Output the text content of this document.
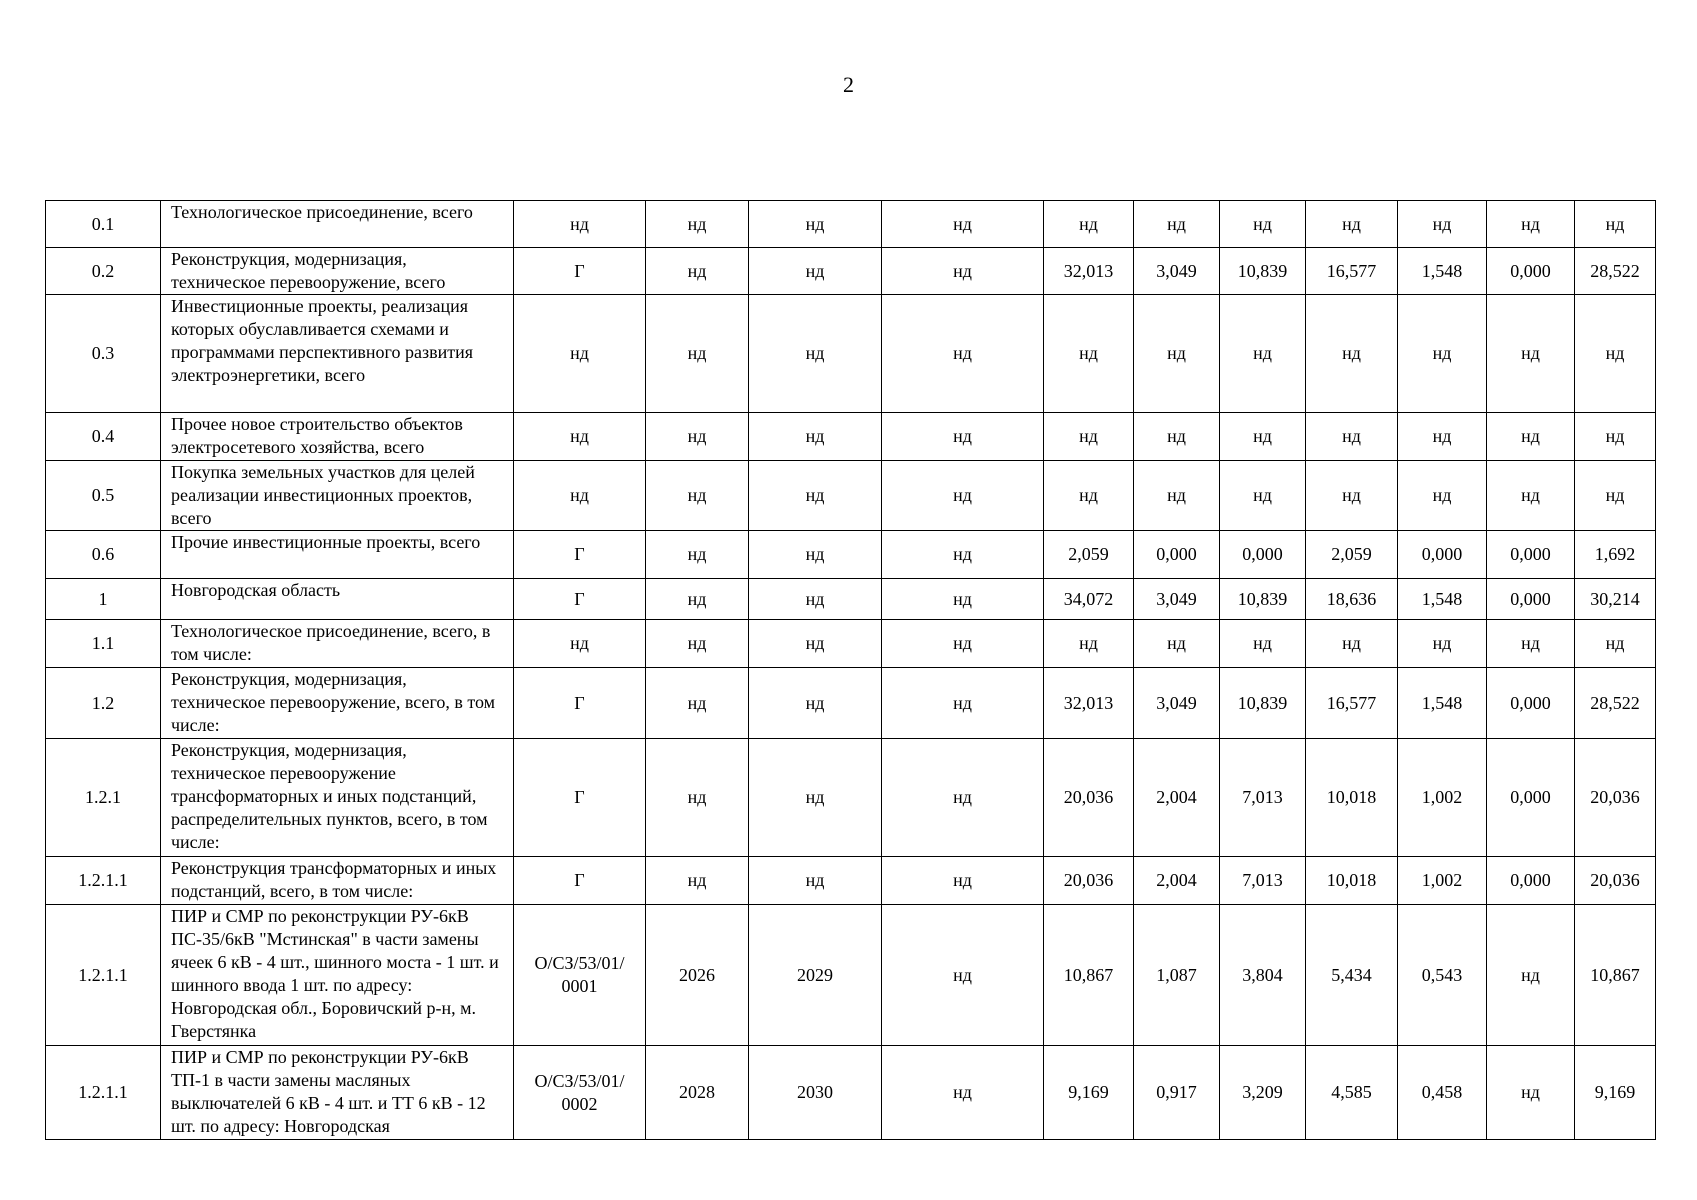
2
0.1	Технологическое присоединение, всего	нд	нд	нд	нд	нд	нд	нд	нд	нд	нд	нд
0.2	Реконструкция, модернизация, техническое перевооружение, всего	Г	нд	нд	нд	32,013	3,049	10,839	16,577	1,548	0,000	28,522
0.3	Инвестиционные проекты, реализация которых обуславливается схемами и программами перспективного развития электроэнергетики, всего	нд	нд	нд	нд	нд	нд	нд	нд	нд	нд	нд
0.4	Прочее новое строительство объектов электросетевого хозяйства, всего	нд	нд	нд	нд	нд	нд	нд	нд	нд	нд	нд
0.5	Покупка земельных участков для целей реализации инвестиционных проектов, всего	нд	нд	нд	нд	нд	нд	нд	нд	нд	нд	нд
0.6	Прочие инвестиционные проекты, всего	Г	нд	нд	нд	2,059	0,000	0,000	2,059	0,000	0,000	1,692
1	Новгородская область	Г	нд	нд	нд	34,072	3,049	10,839	18,636	1,548	0,000	30,214
1.1	Технологическое присоединение, всего, в том числе:	нд	нд	нд	нд	нд	нд	нд	нд	нд	нд	нд
1.2	Реконструкция, модернизация, техническое перевооружение, всего, в том числе:	Г	нд	нд	нд	32,013	3,049	10,839	16,577	1,548	0,000	28,522
1.2.1	Реконструкция, модернизация, техническое перевооружение трансформаторных и иных подстанций, распределительных пунктов, всего, в том числе:	Г	нд	нд	нд	20,036	2,004	7,013	10,018	1,002	0,000	20,036
1.2.1.1	Реконструкция трансформаторных и иных подстанций, всего, в том числе:	Г	нд	нд	нд	20,036	2,004	7,013	10,018	1,002	0,000	20,036
1.2.1.1	ПИР и СМР по реконструкции РУ-6кВ ПС-35/6кВ "Мстинская" в части замены ячеек 6 кВ - 4 шт., шинного моста - 1 шт. и шинного ввода 1 шт. по адресу: Новгородская обл., Боровичский р-н, м. Гверстянка	О/СЗ/53/01/ 0001	2026	2029	нд	10,867	1,087	3,804	5,434	0,543	нд	10,867
1.2.1.1	ПИР и СМР по реконструкции РУ-6кВ ТП-1 в части замены масляных выключателей 6 кВ - 4 шт. и ТТ 6 кВ - 12 шт. по адресу: Новгородская	О/СЗ/53/01/ 0002	2028	2030	нд	9,169	0,917	3,209	4,585	0,458	нд	9,169
